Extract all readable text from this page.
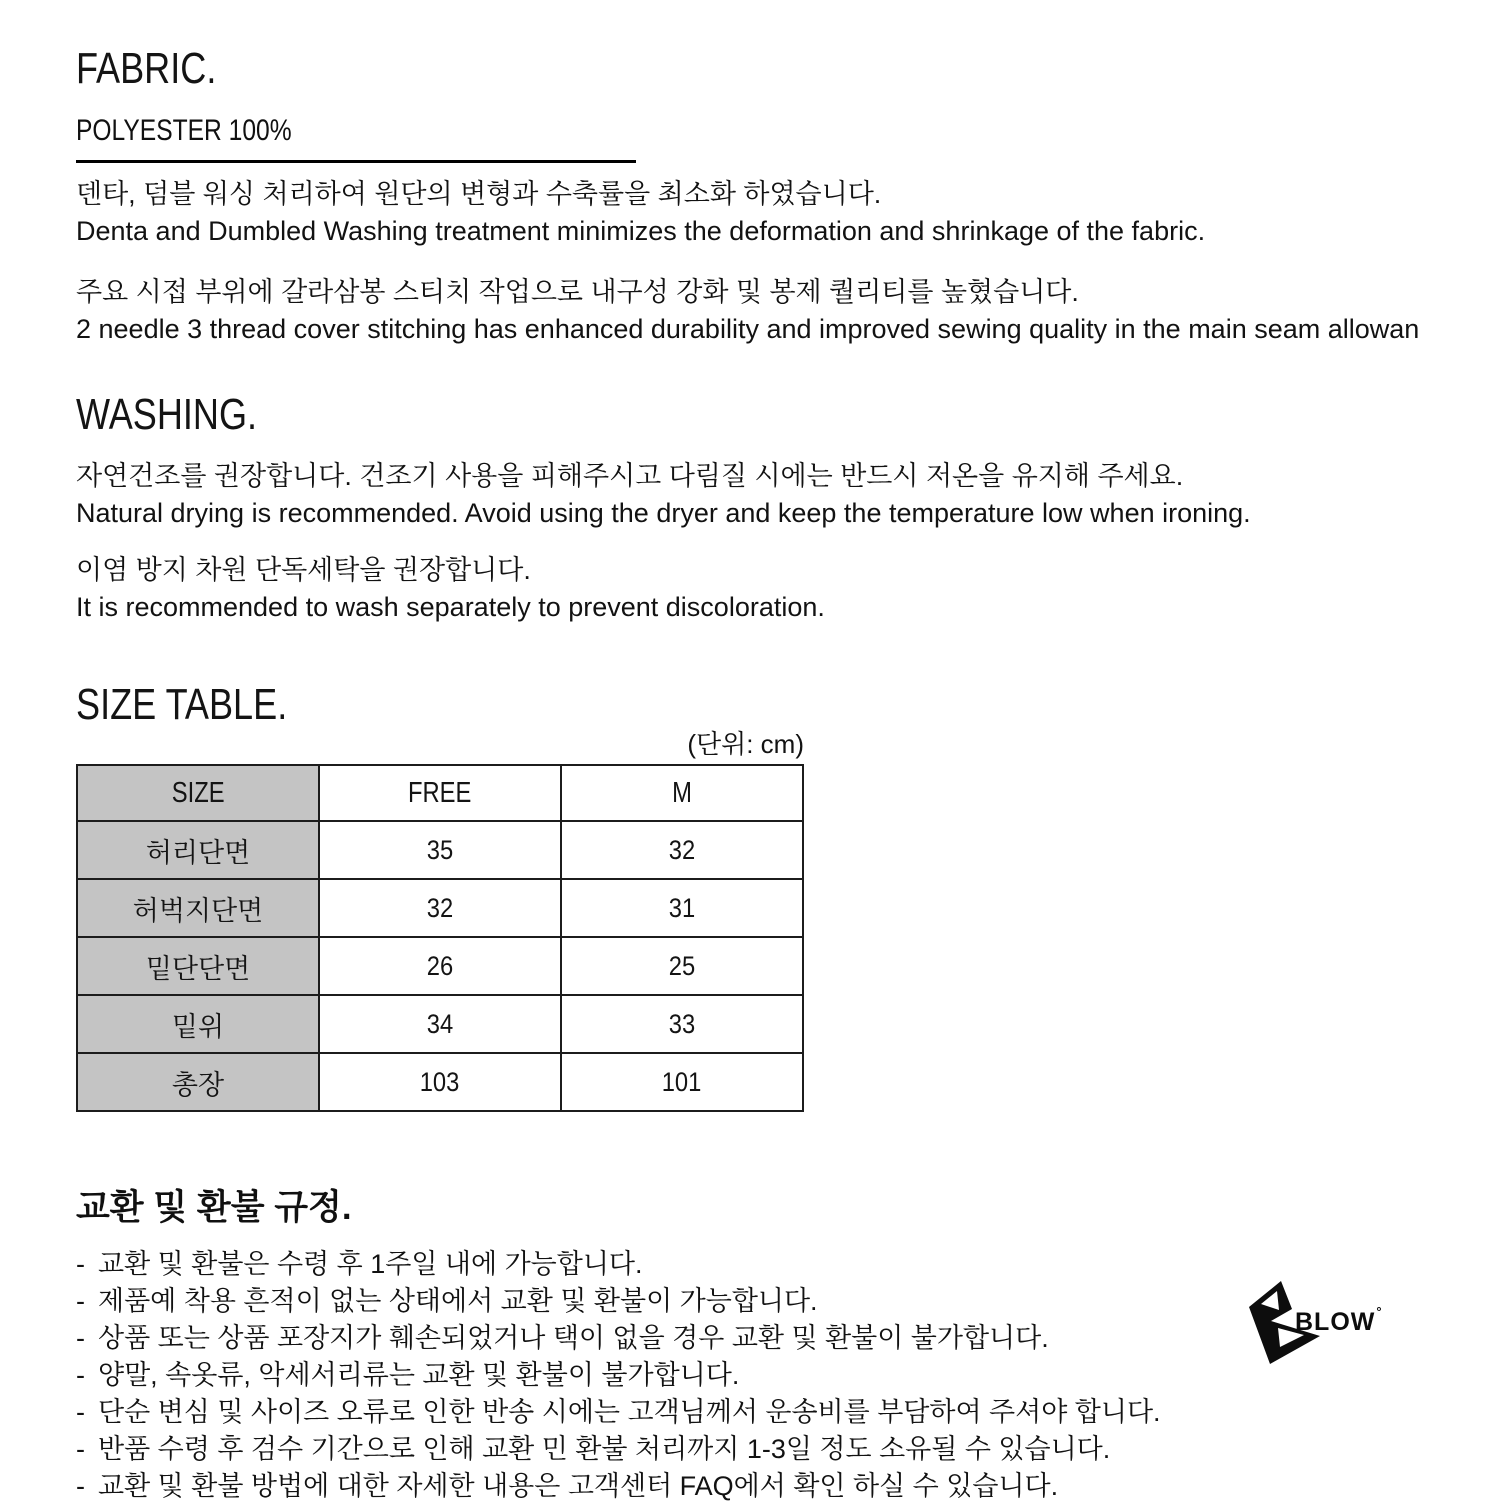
FABRIC.
POLYESTER 100%
덴타, 덤블 워싱 처리하여 원단의 변형과 수축률을 최소화 하였습니다.
Denta and Dumbled Washing treatment minimizes the deformation and shrinkage of the fabric.
주요 시접 부위에 갈라삼봉 스티치 작업으로 내구성 강화 및 봉제 퀄리티를 높혔습니다.
2 needle 3 thread cover stitching has enhanced durability and improved sewing quality in the main seam allowan
WASHING.
자연건조를 권장합니다. 건조기 사용을 피해주시고 다림질 시에는 반드시 저온을 유지해 주세요.
Natural drying is recommended. Avoid using the dryer and keep the temperature low when ironing.
이염 방지 차원 단독세탁을 권장합니다.
It is recommended to wash separately to prevent discoloration.
SIZE TABLE.
(단위: cm)
SIZE	FREE	M
허리단면	35	32
허벅지단면	32	31
밑단단면	26	25
밑위	34	33
총장	103	101
교환 및 환불 규정.
- 교환 및 환불은 수령 후 1주일 내에 가능합니다.
- 제품예 착용 흔적이 없는 상태에서 교환 및 환불이 가능합니다.
- 상품 또는 상품 포장지가 훼손되었거나 택이 없을 경우 교환 및 환불이 불가합니다.
- 양말, 속옷류, 악세서리류는 교환 및 환불이 불가합니다.
- 단순 변심 및 사이즈 오류로 인한 반송 시에는 고객님께서 운송비를 부담하여 주셔야 합니다.
- 반품 수령 후 검수 기간으로 인해 교환 민 환불 처리까지 1-3일 정도 소유될 수 있습니다.
- 교환 및 환불 방법에 대한 자세한 내용은 고객센터 FAQ에서 확인 하실 수 있습니다.
BLOW°
